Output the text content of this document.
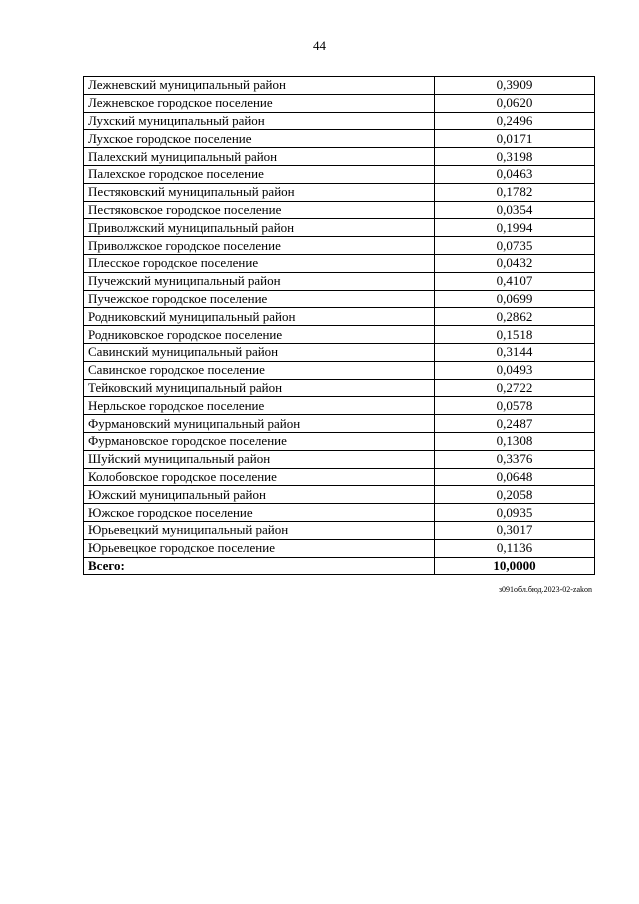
44
Лежневский муниципальный район	0,3909
Лежневское городское поселение	0,0620
Лухский муниципальный район	0,2496
Лухское городское поселение	0,0171
Палехский муниципальный район	0,3198
Палехское городское поселение	0,0463
Пестяковский муниципальный район	0,1782
Пестяковское городское поселение	0,0354
Приволжский муниципальный район	0,1994
Приволжское городское поселение	0,0735
Плесское городское поселение	0,0432
Пучежский муниципальный район	0,4107
Пучежское городское поселение	0,0699
Родниковский муниципальный район	0,2862
Родниковское городское поселение	0,1518
Савинский муниципальный район	0,3144
Савинское городское поселение	0,0493
Тейковский муниципальный район	0,2722
Нерльское городское поселение	0,0578
Фурмановский муниципальный район	0,2487
Фурмановское городское поселение	0,1308
Шуйский муниципальный район	0,3376
Колобовское городское поселение	0,0648
Южский муниципальный район	0,2058
Южское городское поселение	0,0935
Юрьевецкий муниципальный район	0,3017
Юрьевецкое городское поселение	0,1136
Всего:	10,0000
з091обл.бюд.2023-02-zakon
